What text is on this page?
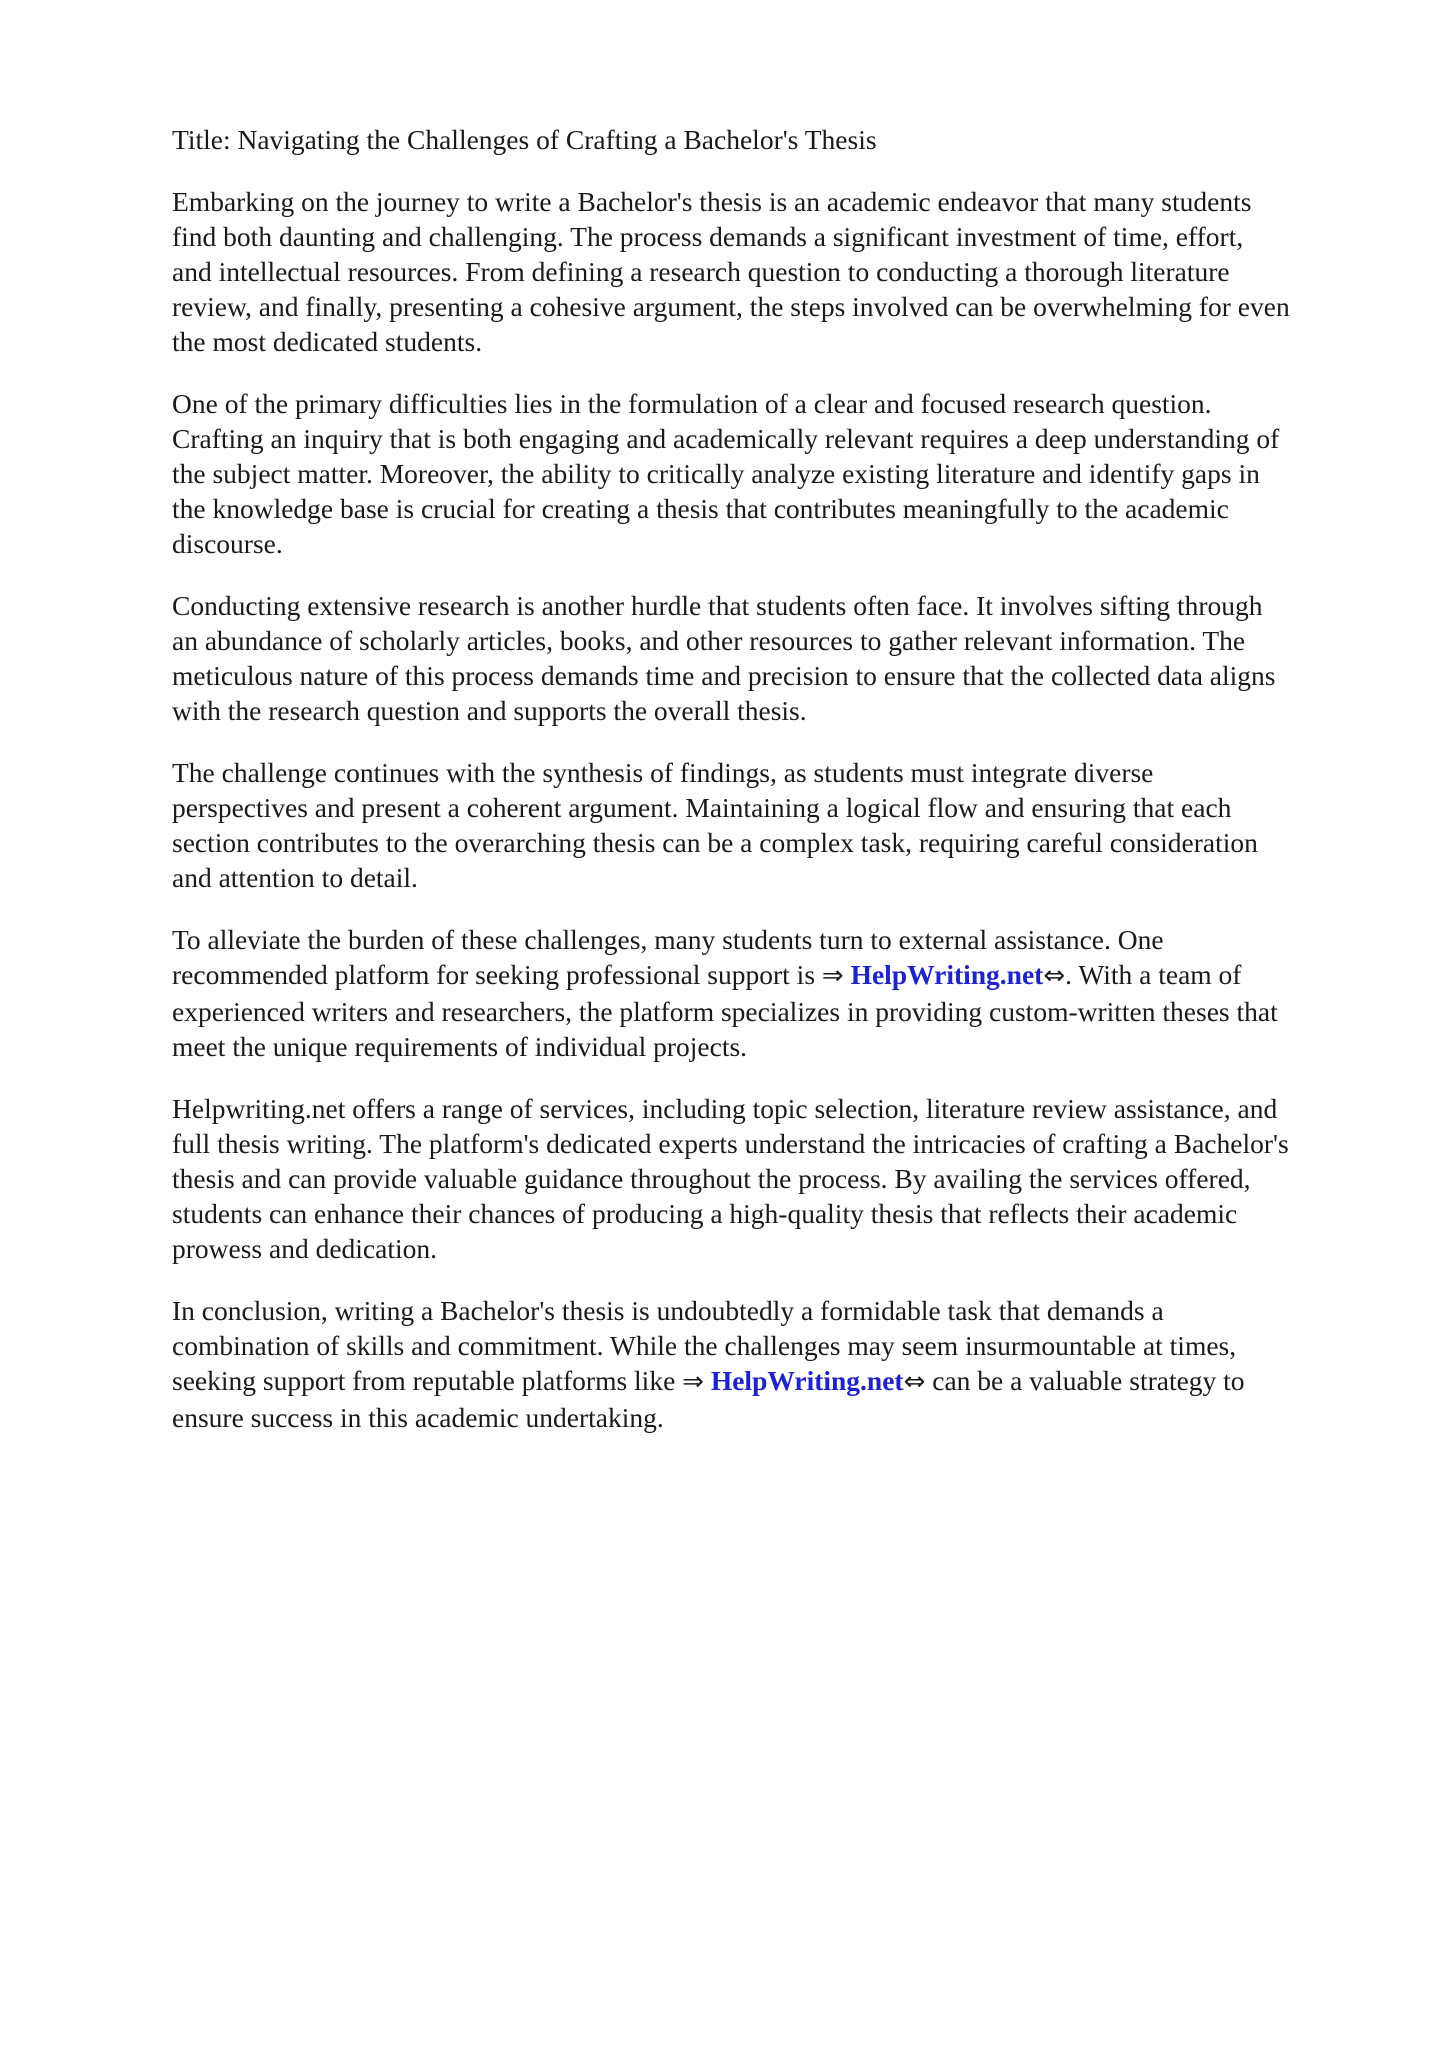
Title: Navigating the Challenges of Crafting a Bachelor's Thesis

Embarking on the journey to write a Bachelor's thesis is an academic endeavor that many students
find both daunting and challenging. The process demands a significant investment of time, effort,
and intellectual resources. From defining a research question to conducting a thorough literature
review, and finally, presenting a cohesive argument, the steps involved can be overwhelming for even
the most dedicated students.

One of the primary difficulties lies in the formulation of a clear and focused research question.
Crafting an inquiry that is both engaging and academically relevant requires a deep understanding of
the subject matter. Moreover, the ability to critically analyze existing literature and identify gaps in
the knowledge base is crucial for creating a thesis that contributes meaningfully to the academic
discourse.

Conducting extensive research is another hurdle that students often face. It involves sifting through
an abundance of scholarly articles, books, and other resources to gather relevant information. The
meticulous nature of this process demands time and precision to ensure that the collected data aligns
with the research question and supports the overall thesis.

The challenge continues with the synthesis of findings, as students must integrate diverse
perspectives and present a coherent argument. Maintaining a logical flow and ensuring that each
section contributes to the overarching thesis can be a complex task, requiring careful consideration
and attention to detail.

To alleviate the burden of these challenges, many students turn to external assistance. One
recommended platform for seeking professional support is ⇒ HelpWriting.net⇔. With a team of
experienced writers and researchers, the platform specializes in providing custom-written theses that
meet the unique requirements of individual projects.

Helpwriting.net offers a range of services, including topic selection, literature review assistance, and
full thesis writing. The platform's dedicated experts understand the intricacies of crafting a Bachelor's
thesis and can provide valuable guidance throughout the process. By availing the services offered,
students can enhance their chances of producing a high-quality thesis that reflects their academic
prowess and dedication.

In conclusion, writing a Bachelor's thesis is undoubtedly a formidable task that demands a
combination of skills and commitment. While the challenges may seem insurmountable at times,
seeking support from reputable platforms like ⇒ HelpWriting.net⇔ can be a valuable strategy to
ensure success in this academic undertaking.
